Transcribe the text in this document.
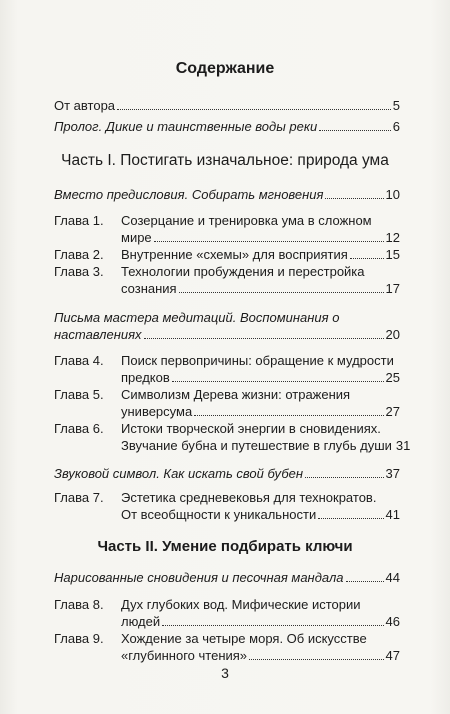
Содержание
От автора	5
Пролог. Дикие и таинственные воды реки	6
Часть I. Постигать изначальное: природа ума
Вместо предисловия. Собирать мгновения	10
Глава 1.	Созерцание и тренировка ума в сложном
мире	12
Глава 2.	Внутренние «схемы» для восприятия	15
Глава 3.	Технологии пробуждения и перестройка
сознания	17
Письма мастера медитаций. Воспоминания о
наставлениях	20
Глава 4.	Поиск первопричины: обращение к мудрости
предков	25
Глава 5.	Символизм Дерева жизни: отражения
универсума	27
Глава 6.	Истоки творческой энергии в сновидениях.
Звучание бубна и путешествие в глубь души 31
Звуковой символ. Как искать свой бубен	37
Глава 7.	Эстетика средневековья для технократов.
От всеобщности к уникальности	41
Часть II. Умение подбирать ключи
Нарисованные сновидения и песочная мандала	44
Глава 8.	Дух глубоких вод. Мифические истории
людей	46
Глава 9.	Хождение за четыре моря. Об искусстве
«глубинного чтения»	47
3
